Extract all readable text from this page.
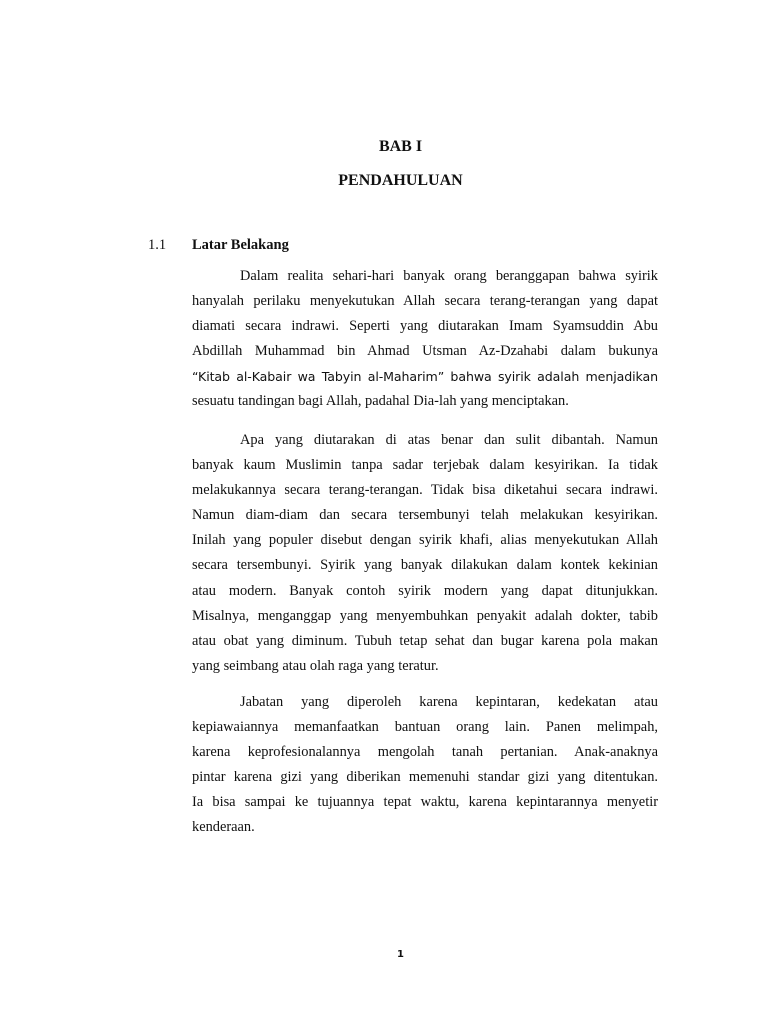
BAB I
PENDAHULUAN
1.1 Latar Belakang
Dalam realita sehari-hari banyak orang beranggapan bahwa syirik
hanyalah perilaku menyekutukan Allah secara terang-terangan yang dapat
diamati secara indrawi. Seperti yang diutarakan Imam Syamsuddin Abu
Abdillah Muhammad bin Ahmad Utsman Az-Dzahabi dalam bukunya
“Kitab al-Kabair wa Tabyin al-Maharim” bahwa syirik adalah menjadikan
sesuatu tandingan bagi Allah, padahal Dia-lah yang menciptakan.
Apa yang diutarakan di atas benar dan sulit dibantah. Namun
banyak kaum Muslimin tanpa sadar terjebak dalam kesyirikan. Ia tidak
melakukannya secara terang-terangan. Tidak bisa diketahui secara indrawi.
Namun diam-diam dan secara tersembunyi telah melakukan kesyirikan.
Inilah yang populer disebut dengan syirik khafi, alias menyekutukan Allah
secara tersembunyi. Syirik yang banyak dilakukan dalam kontek kekinian
atau modern. Banyak contoh syirik modern yang dapat ditunjukkan.
Misalnya, menganggap yang menyembuhkan penyakit adalah dokter, tabib
atau obat yang diminum. Tubuh tetap sehat dan bugar karena pola makan
yang seimbang atau olah raga yang teratur.
Jabatan yang diperoleh karena kepintaran, kedekatan atau
kepiawaiannya memanfaatkan bantuan orang lain. Panen melimpah,
karena keprofesionalannya mengolah tanah pertanian. Anak-anaknya
pintar karena gizi yang diberikan memenuhi standar gizi yang ditentukan.
Ia bisa sampai ke tujuannya tepat waktu, karena kepintarannya menyetir
kenderaan.
1
